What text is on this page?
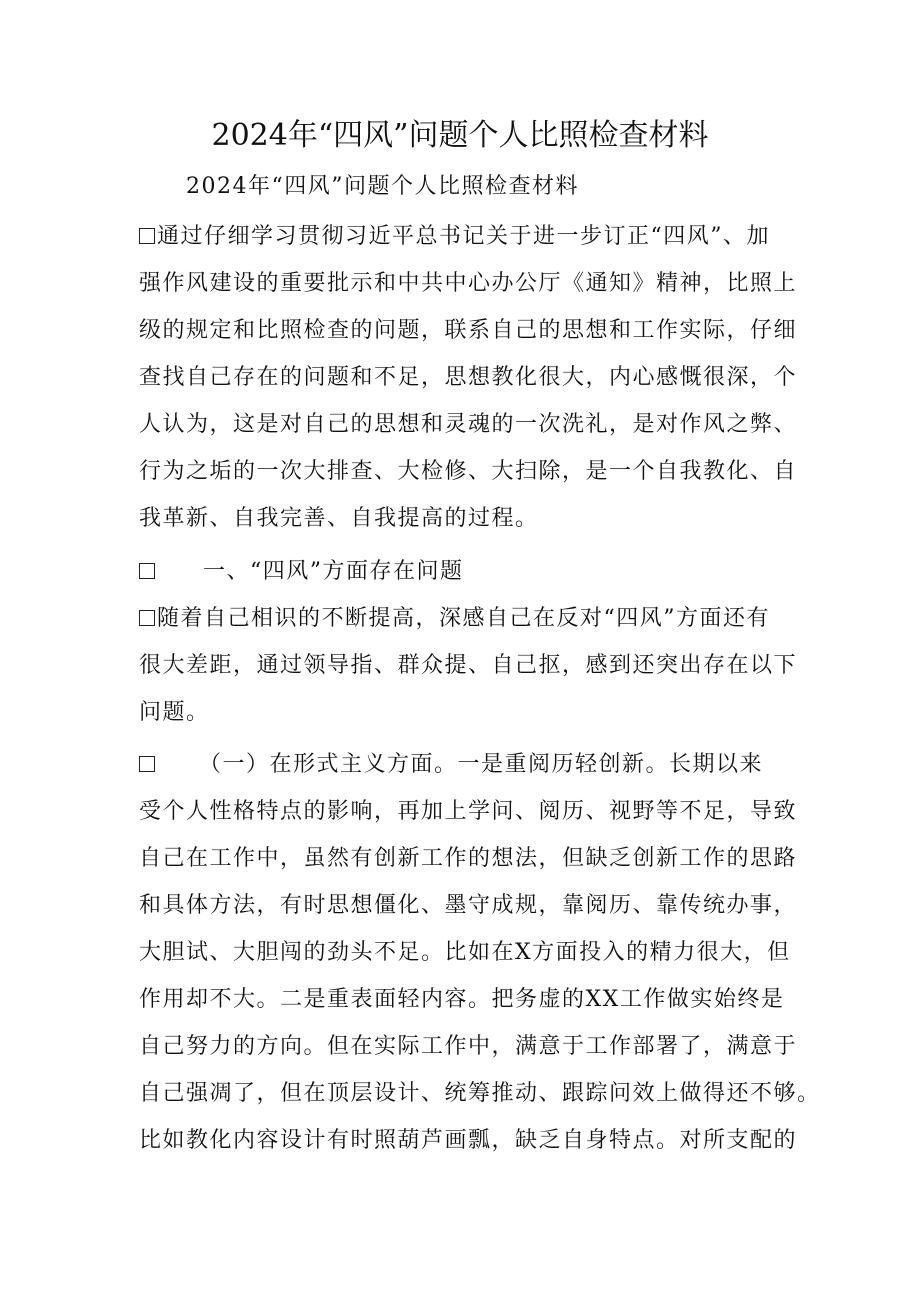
2024年“四风”问题个人比照检查材料

2024年“四风”问题个人比照检查材料

通过仔细学习贯彻习近平总书记关于进一步订正“四风”、加

强作风建设的重要批示和中共中心办公厅《通知》精神，比照上

级的规定和比照检查的问题，联系自己的思想和工作实际，仔细

查找自己存在的问题和不足，思想教化很大，内心感慨很深，个

人认为，这是对自己的思想和灵魂的一次洗礼，是对作风之弊、

行为之垢的一次大排查、大检修、大扫除，是一个自我教化、自

我革新、自我完善、自我提高的过程。

一、“四风”方面存在问题

随着自己相识的不断提高，深感自己在反对“四风”方面还有

很大差距，通过领导指、群众提、自己抠，感到还突出存在以下

问题。

（一）在形式主义方面。一是重阅历轻创新。长期以来

受个人性格特点的影响，再加上学问、阅历、视野等不足，导致

自己在工作中，虽然有创新工作的想法，但缺乏创新工作的思路

和具体方法，有时思想僵化、墨守成规，靠阅历、靠传统办事，

大胆试、大胆闯的劲头不足。比如在X方面投入的精力很大，但

作用却不大。二是重表面轻内容。把务虚的XX工作做实始终是

自己努力的方向。但在实际工作中，满意于工作部署了，满意于

自己强凋了，但在顶层设计、统筹推动、跟踪问效上做得还不够。

比如教化内容设计有时照葫芦画瓢，缺乏自身特点。对所支配的
